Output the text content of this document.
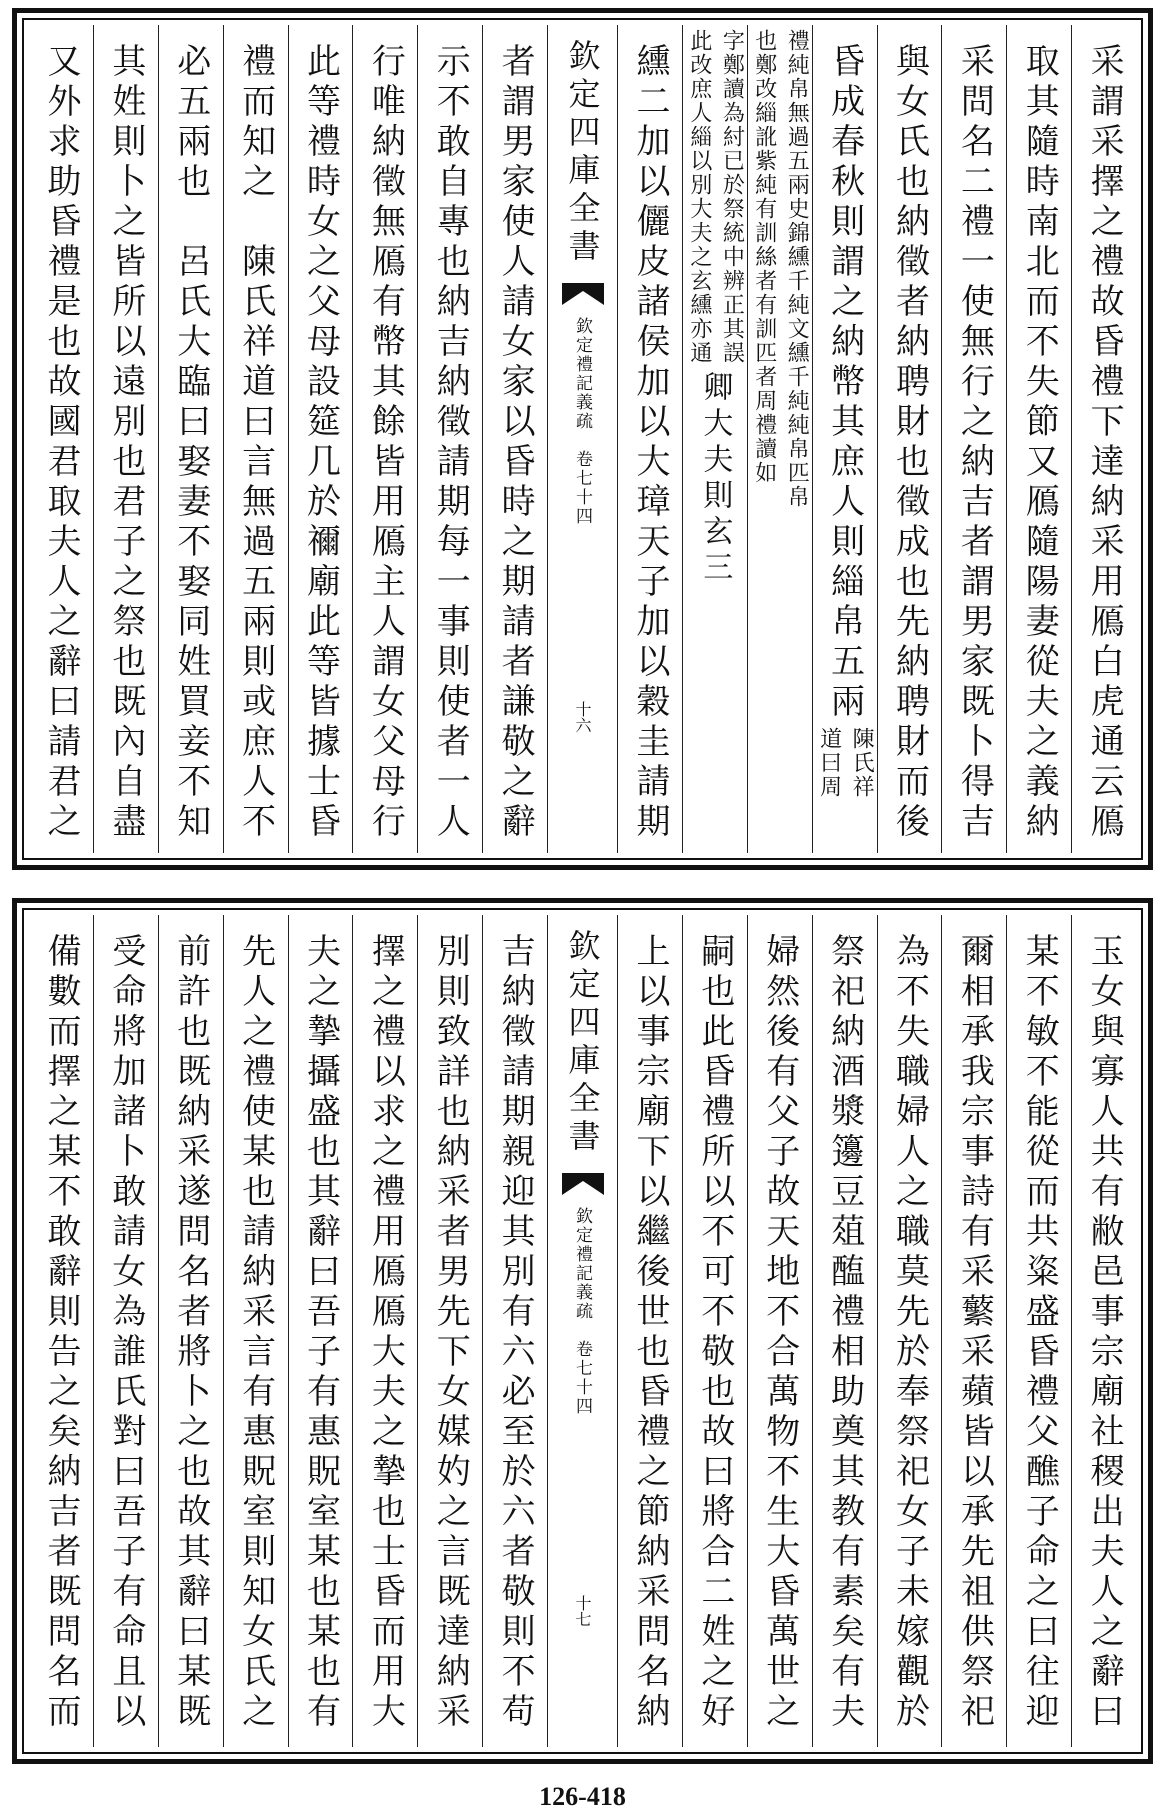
采謂采擇之禮故昏禮下達納采用鴈白虎通云鴈
取其隨時南北而不失節又鴈隨陽妻從夫之義納
采問名二禮一使無行之納吉者謂男家既卜得吉
與女氏也納徵者納聘財也徵成也先納聘財而後
昏成春秋則謂之納幣其庶人則緇帛五兩
陳氏祥
道曰周
禮純帛無過五兩史錦纁千純文纁千純純帛匹帛
也鄭改緇訛紫純有訓絲者有訓匹者周禮讀如
字鄭讀為紂已於祭統中辨正其誤
此改庶人緇以別大夫之玄纁亦通
卿大夫則玄三
纁二加以儷皮諸侯加以大璋天子加以穀圭請期
欽定四庫全書
欽定禮記義疏　卷七十四
十六
者謂男家使人請女家以昏時之期請者謙敬之辭
示不敢自專也納吉納徵請期每一事則使者一人
行唯納徵無鴈有幣其餘皆用鴈主人謂女父母行
此等禮時女之父母設筵几於禰廟此等皆據士昏
禮而知之　陳氏祥道曰言無過五兩則或庶人不
必五兩也　呂氏大臨曰娶妻不娶同姓買妾不知
其姓則卜之皆所以遠別也君子之祭也既內自盡
又外求助昏禮是也故國君取夫人之辭曰請君之
玉女與寡人共有敝邑事宗廟社稷出夫人之辭曰
某不敏不能從而共粢盛昏禮父醮子命之曰往迎
爾相承我宗事詩有采蘩采蘋皆以承先祖供祭祀
為不失職婦人之職莫先於奉祭祀女子未嫁觀於
祭祀納酒漿籩豆葅醢禮相助奠其教有素矣有夫
婦然後有父子故天地不合萬物不生大昏萬世之
嗣也此昏禮所以不可不敬也故曰將合二姓之好
上以事宗廟下以繼後世也昏禮之節納采問名納
欽定四庫全書
欽定禮記義疏　卷七十四
十七
吉納徵請期親迎其別有六必至於六者敬則不苟
別則致詳也納采者男先下女媒妁之言既達納采
擇之禮以求之禮用鴈鴈大夫之摯也士昏而用大
夫之摯攝盛也其辭曰吾子有惠貺室某也某也有
先人之禮使某也請納采言有惠貺室則知女氏之
前許也既納采遂問名者將卜之也故其辭曰某既
受命將加諸卜敢請女為誰氏對曰吾子有命且以
備數而擇之某不敢辭則告之矣納吉者既問名而
126-418
